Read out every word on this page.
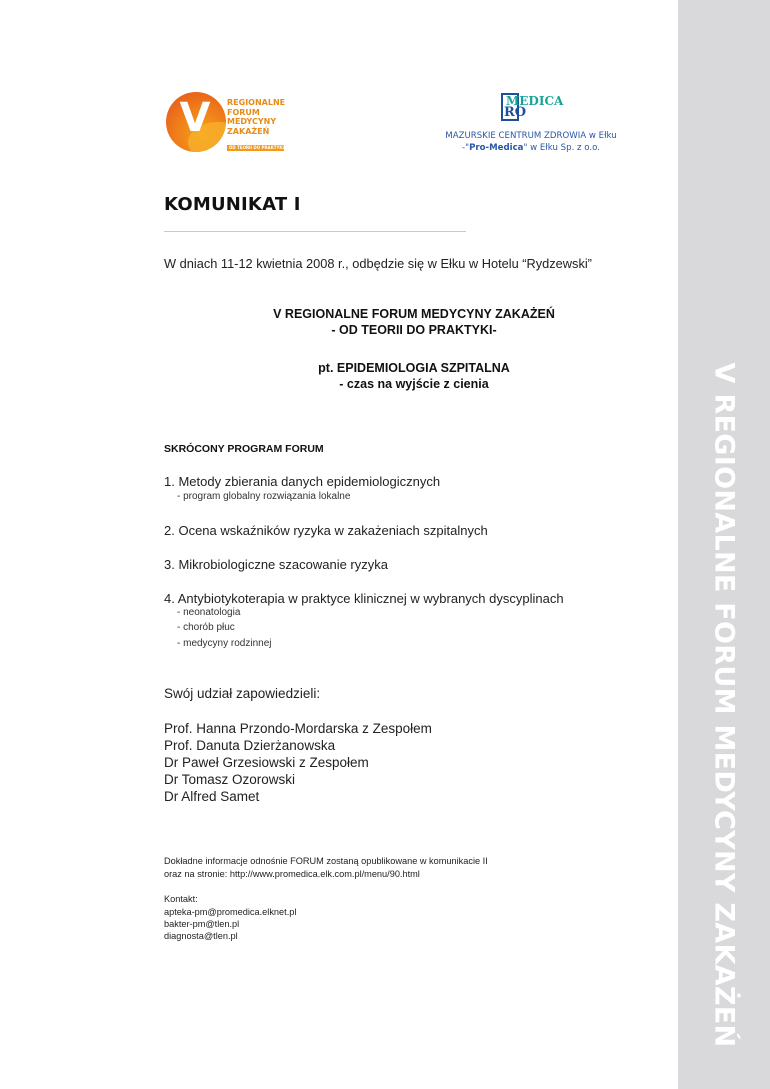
V	REGIONALNE
FORUM
MEDYCYNY
ZAKAŻEŃ
OD TEORII DO PRAKTYKI
MEDICA
RO
MAZURSKIE CENTRUM ZDROWIA w Ełku
-"Pro-Medica" w Ełku Sp. z o.o.
KOMUNIKAT I
W dniach 11-12 kwietnia 2008 r., odbędzie się w Ełku w Hotelu “Rydzewski”
V REGIONALNE FORUM MEDYCYNY ZAKAŻEŃ
- OD TEORII DO PRAKTYKI-
pt. EPIDEMIOLOGIA SZPITALNA
- czas na wyjście z cienia
SKRÓCONY PROGRAM FORUM
1. Metody zbierania danych epidemiologicznych
- program globalny rozwiązania lokalne
2. Ocena wskaźników ryzyka w zakażeniach szpitalnych
3. Mikrobiologiczne szacowanie ryzyka
4. Antybiotykoterapia w praktyce klinicznej w wybranych dyscyplinach
- neonatologia
- chorób płuc
- medycyny rodzinnej
Swój udział zapowiedzieli:
Prof. Hanna Przondo-Mordarska z Zespołem
Prof. Danuta Dzierżanowska
Dr Paweł Grzesiowski z Zespołem
Dr Tomasz Ozorowski
Dr Alfred Samet
Dokładne informacje odnośnie FORUM zostaną opublikowane w komunikacie II
oraz na stronie: http://www.promedica.elk.com.pl/menu/90.html
Kontakt:
apteka-pm@promedica.elknet.pl
bakter-pm@tlen.pl
diagnosta@tlen.pl	V REGIONALNE FORUM MEDYCYNY ZAKAŻEŃ
